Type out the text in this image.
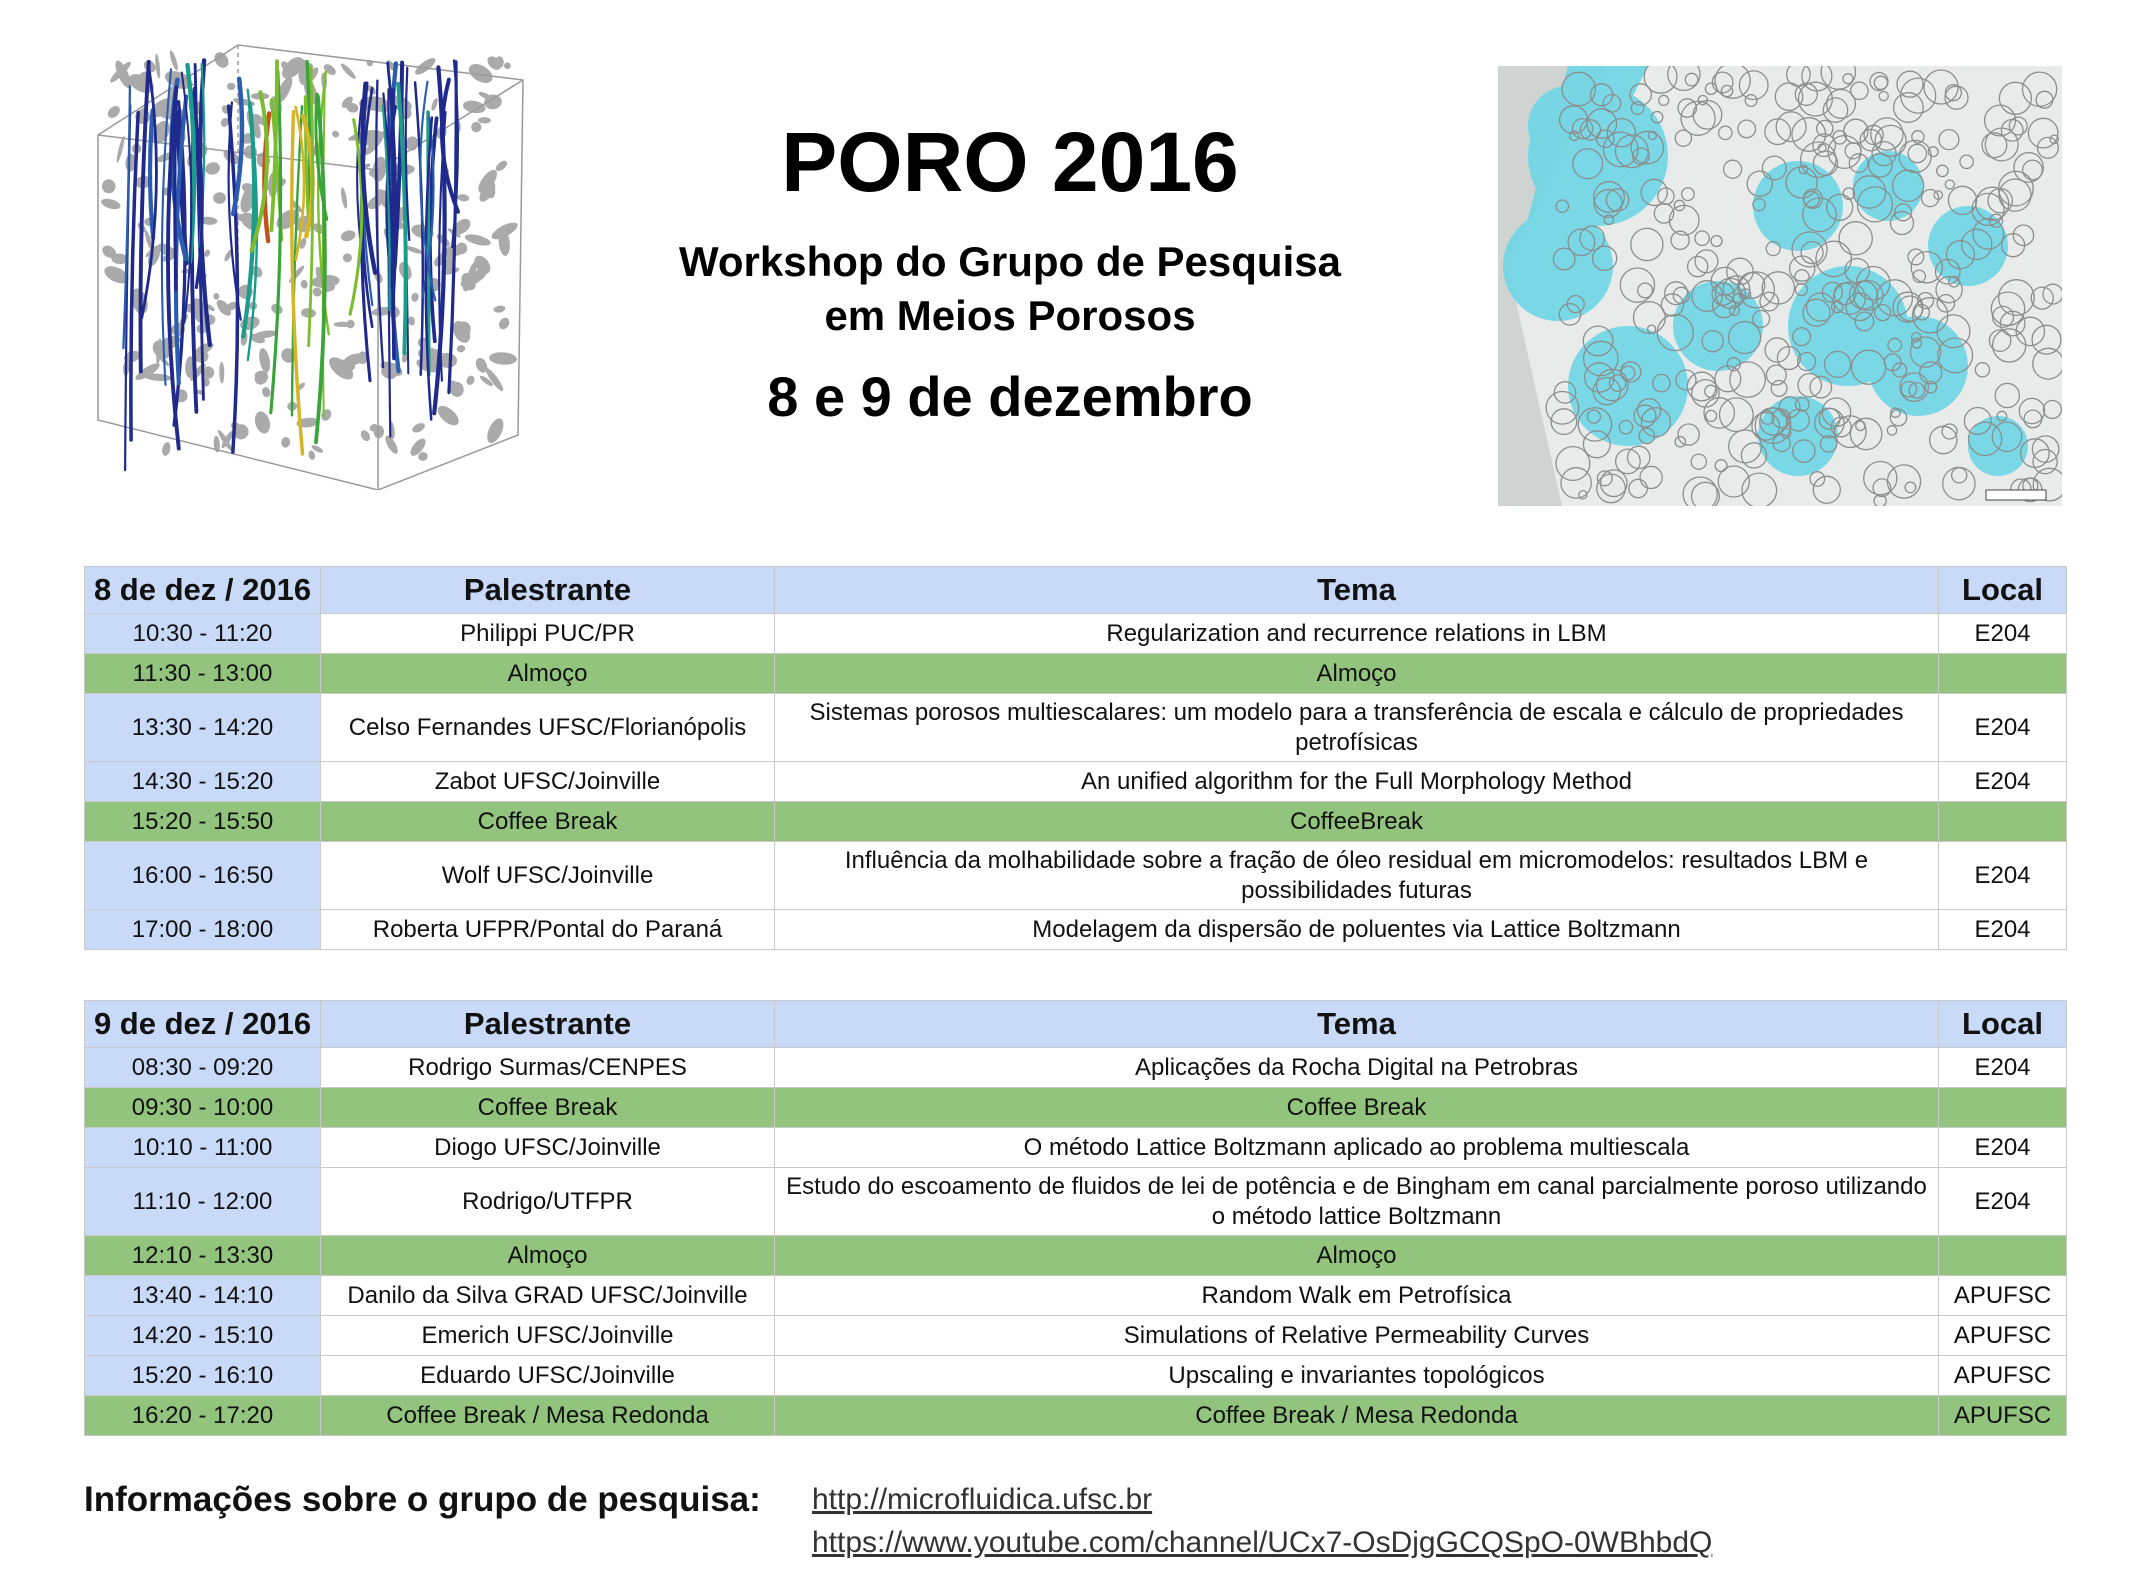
PORO 2016
Workshop do Grupo de Pesquisa
em Meios Porosos
8 e 9 de dezembro
8 de dez / 2016	Palestrante	Tema	Local
10:30 - 11:20	Philippi PUC/PR	Regularization and recurrence relations in LBM	E204
11:30 - 13:00	Almoço	Almoço	
13:30 - 14:20	Celso Fernandes UFSC/Florianópolis	Sistemas porosos multiescalares: um modelo para a transferência de escala e cálculo de propriedades petrofísicas	E204
14:30 - 15:20	Zabot UFSC/Joinville	An unified algorithm for the Full Morphology Method	E204
15:20 - 15:50	Coffee Break	CoffeeBreak	
16:00 - 16:50	Wolf UFSC/Joinville	Influência da molhabilidade sobre a fração de óleo residual em micromodelos: resultados LBM e possibilidades futuras	E204
17:00 - 18:00	Roberta UFPR/Pontal do Paraná	Modelagem da dispersão de poluentes via Lattice Boltzmann	E204
9 de dez / 2016	Palestrante	Tema	Local
08:30 - 09:20	Rodrigo Surmas/CENPES	Aplicações da Rocha Digital na Petrobras	E204
09:30 - 10:00	Coffee Break	Coffee Break	
10:10 - 11:00	Diogo UFSC/Joinville	O método Lattice Boltzmann aplicado ao problema multiescala	E204
11:10 - 12:00	Rodrigo/UTFPR	Estudo do escoamento de fluidos de lei de potência e de Bingham em canal parcialmente poroso utilizando o método lattice Boltzmann	E204
12:10 - 13:30	Almoço	Almoço	
13:40 - 14:10	Danilo da Silva GRAD UFSC/Joinville	Random Walk em Petrofísica	APUFSC
14:20 - 15:10	Emerich UFSC/Joinville	Simulations of Relative Permeability Curves	APUFSC
15:20 - 16:10	Eduardo UFSC/Joinville	Upscaling e invariantes topológicos	APUFSC
16:20 - 17:20	Coffee Break / Mesa Redonda	Coffee Break / Mesa Redonda	APUFSC
Informações sobre o grupo de pesquisa: http://microfluidica.ufsc.br
https://www.youtube.com/channel/UCx7-OsDjgGCQSpO-0WBhbdQ
